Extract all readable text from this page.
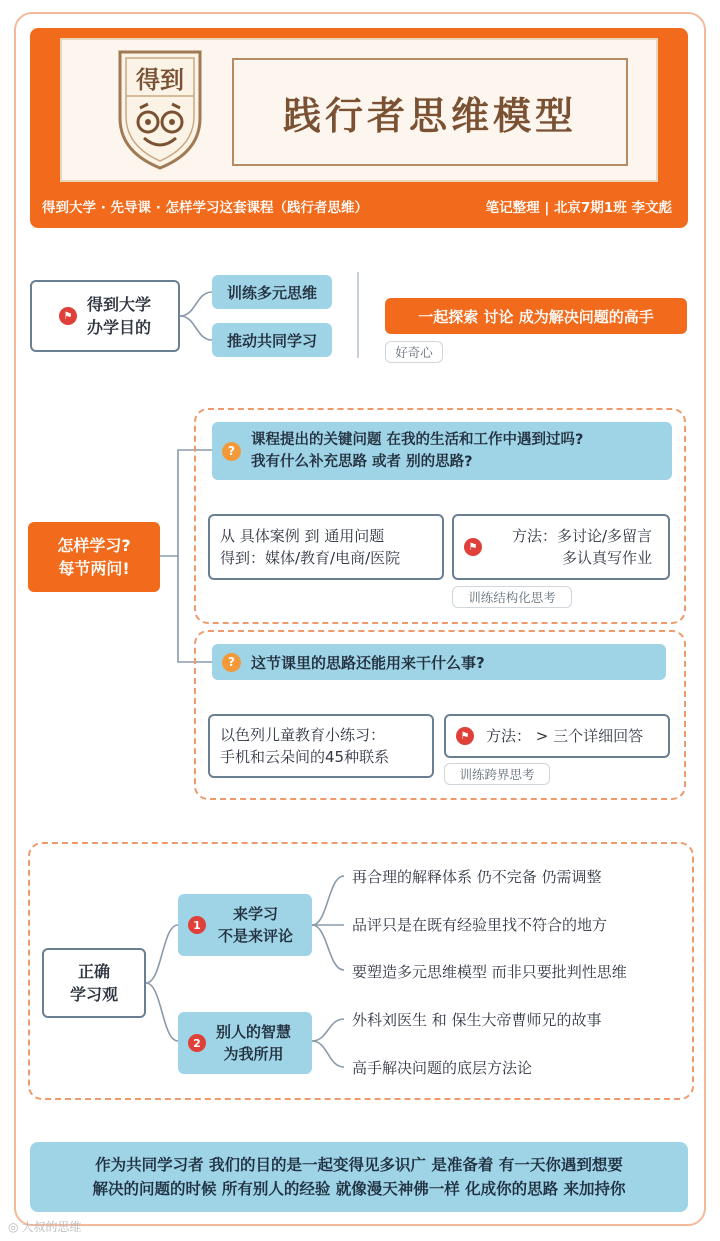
得到
践行者思维模型
得到大学 · 先导课 · 怎样学习这套课程（践行者思维）	笔记整理 | 北京7期1班 李文彪
⚑
得到大学
办学目的
训练多元思维
推动共同学习
一起探索 讨论 成为解决问题的高手
好奇心
怎样学习?
每节两问!
?
课程提出的关键问题 在我的生活和工作中遇到过吗?
我有什么补充思路 或者 别的思路?
从 具体案例 到 通用问题
得到：媒体/教育/电商/医院
⚑
方法：多讨论/多留言
多认真写作业
训练结构化思考
?	这节课里的思路还能用来干什么事?
以色列儿童教育小练习：
手机和云朵间的45种联系
⚑	方法： > 三个详细回答
训练跨界思考
正确
学习观
1
来学习
不是来评论
再合理的解释体系 仍不完备 仍需调整
品评只是在既有经验里找不符合的地方
要塑造多元思维模型 而非只要批判性思维
2
别人的智慧
为我所用
外科刘医生 和 保生大帝曹师兄的故事
高手解决问题的底层方法论
作为共同学习者 我们的目的是一起变得见多识广 是准备着 有一天你遇到想要
解决的问题的时候 所有别人的经验 就像漫天神佛一样 化成你的思路 来加持你
◎ 大叔的思维
